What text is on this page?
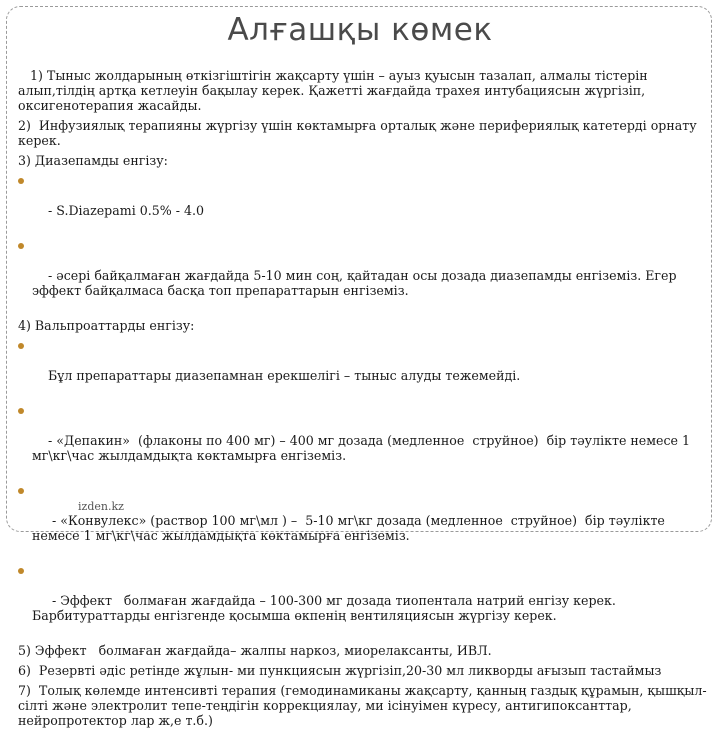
Алғашқы көмек

1) Тыныс жолдарының өткізгіштігін жақсарту үшін – ауыз қуысын тазалап, алмалы тістерін алып,тілдің артқа кетлеуін бақылау керек. Қажетті жағдайда трахея интубациясын жүргізіп, оксигенотерапия жасайды.

2)  Инфузиялық терапияны жүргізу үшін көктамырға орталық және перифериялық катетерді орнату керек.

3) Диазепамды енгізу:

- S.Diazepami 0.5% - 4.0

- әсері байқалмаған жағдайда 5-10 мин соң, қайтадан осы дозада диазепамды енгіземіз. Егер эффект байқалмаса басқа топ препараттарын енгіземіз.

4) Вальпроаттарды енгізу:

Бұл препараттары диазепамнан ерекшелігі – тыныс алуды тежемейді.

- «Депакин»  (флаконы по 400 мг) – 400 мг дозада (медленное  струйное)  бір тәулікте немесе 1 мг\кг\час жылдамдықта көктамырға енгіземіз.

- «Конвулекс» (раствор 100 мг\мл ) –  5-10 мг\кг дозада (медленное  струйное)  бір тәулікте немесе 1 мг\кг\час жылдамдықта көктамырға енгіземіз.

- Эффект   болмаған жағдайда – 100-300 мг дозада тиопентала натрий енгізу керек. Барбитураттарды енгізгенде қосымша өкпенің вентиляциясын жүргізу керек.

5) Эффект   болмаған жағдайда– жалпы наркоз, миорелаксанты, ИВЛ.

6)  Резервті әдіс ретінде жұлын- ми пункциясын жүргізіп,20-30 мл ликворды ағызып тастаймыз

7)  Толық көлемде интенсивті терапия (гемодинамиканы жақсарту, қанның газдық құрамын, қышқыл-сілті және электролит тепе-теңдігін коррекциялау, ми ісінуімен күресу, антигипоксанттар, нейропротектор лар ж,е т.б.)

izden.kz
